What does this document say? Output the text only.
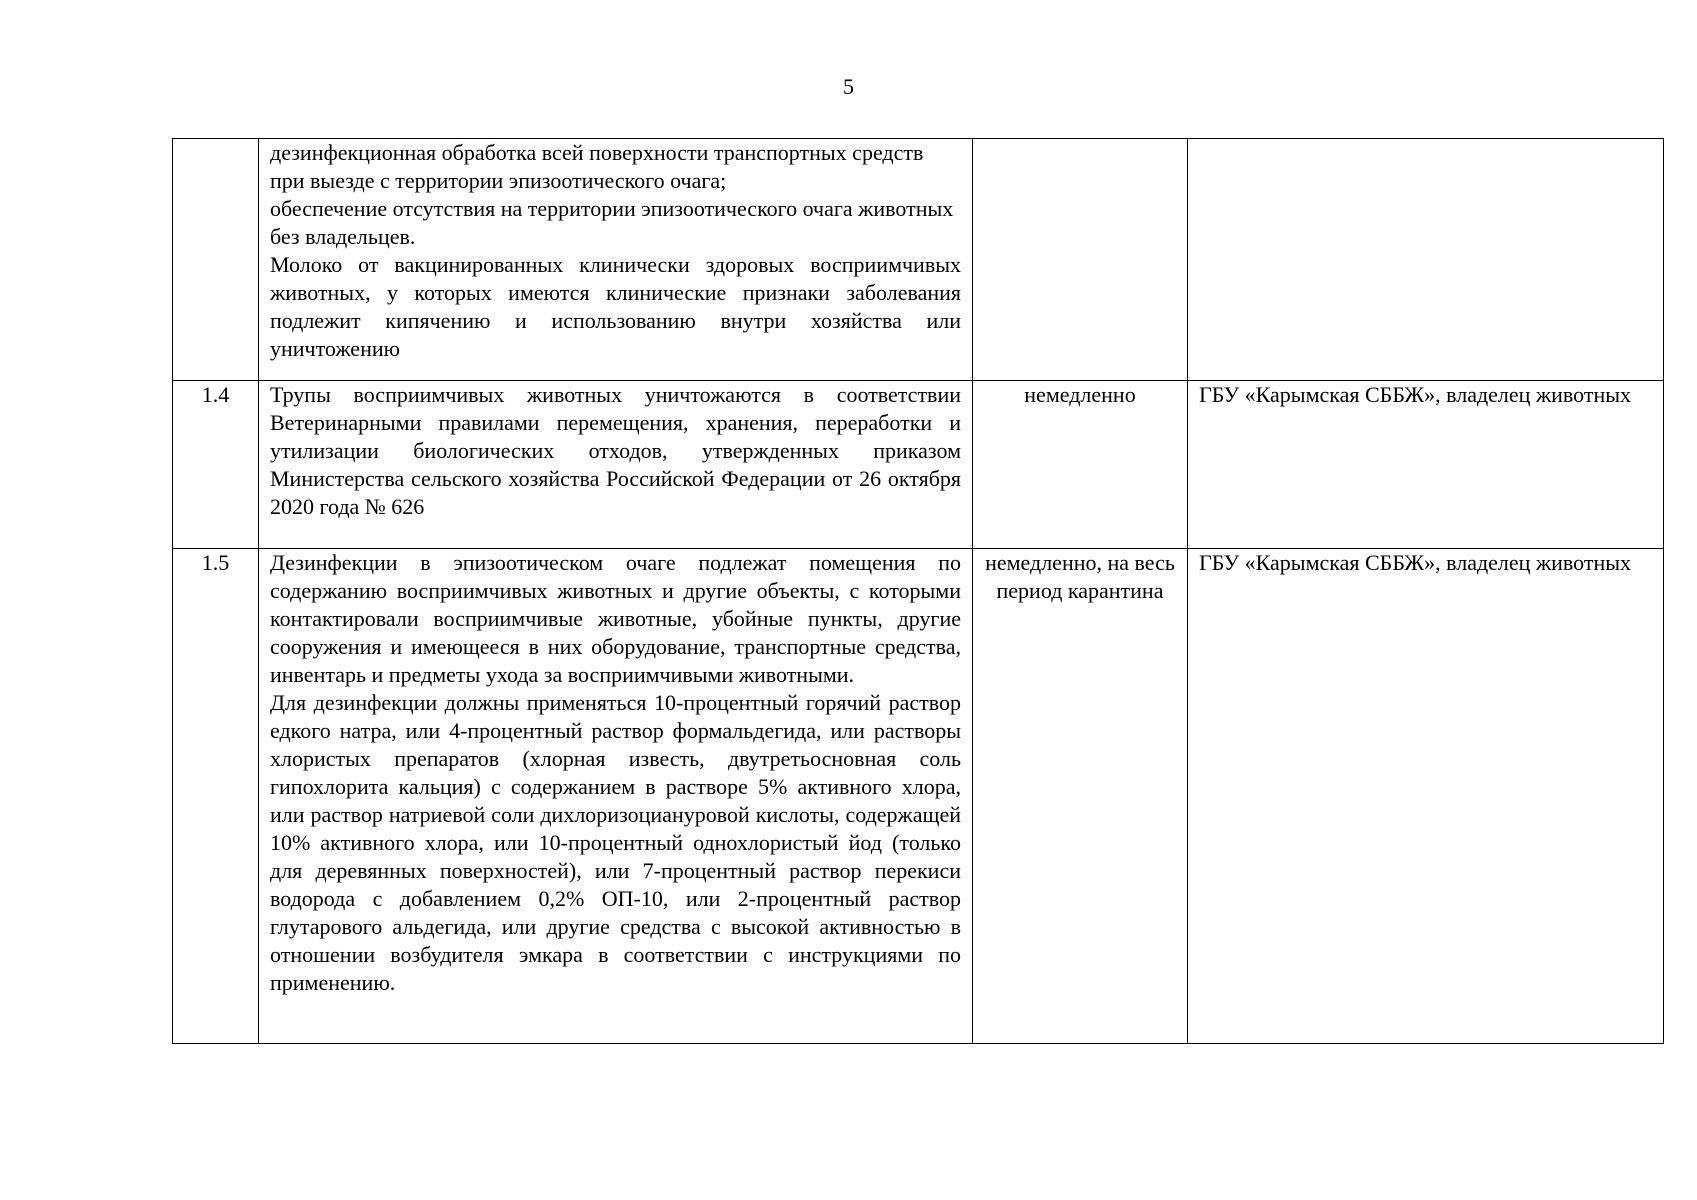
5

	дезинфекционная обработка всей поверхности транспортных средств при выезде с территории эпизоотического очага;

обеспечение отсутствия на территории эпизоотического очага животных без владельцев.

Молоко от вакцинированных клинически здоровых восприимчивых животных, у которых имеются клинические признаки заболевания подлежит кипячению и использованию внутри хозяйства или уничтожению		

1.4	Трупы восприимчивых животных уничтожаются в соответствии Ветеринарными правилами перемещения, хранения, переработки и утилизации биологических отходов, утвержденных приказом Министерства сельского хозяйства Российской Федерации от 26 октября 2020 года № 626	немедленно	ГБУ «Карымская СББЖ», владелец животных
1.5	Дезинфекции в эпизоотическом очаге подлежат помещения по содержанию восприимчивых животных и другие объекты, с которыми контактировали восприимчивые животные, убойные пункты, другие сооружения и имеющееся в них оборудование, транспортные средства, инвентарь и предметы ухода за восприимчивыми животными.

Для дезинфекции должны применяться 10-процентный горячий раствор едкого натра, или 4-процентный раствор формальдегида, или растворы хлористых препаратов (хлорная известь, двутретьосновная соль гипохлорита кальция) с содержанием в растворе 5% активного хлора, или раствор натриевой соли дихлоризоциануровой кислоты, содержащей 10% активного хлора, или 10-процентный однохлористый йод (только для деревянных поверхностей), или 7-процентный раствор перекиси водорода с добавлением 0,2% ОП-10, или 2-процентный раствор глутарового альдегида, или другие средства с высокой активностью в отношении возбудителя эмкара в соответствии с инструкциями по применению.	немедленно, на весь период карантина	ГБУ «Карымская СББЖ», владелец животных
